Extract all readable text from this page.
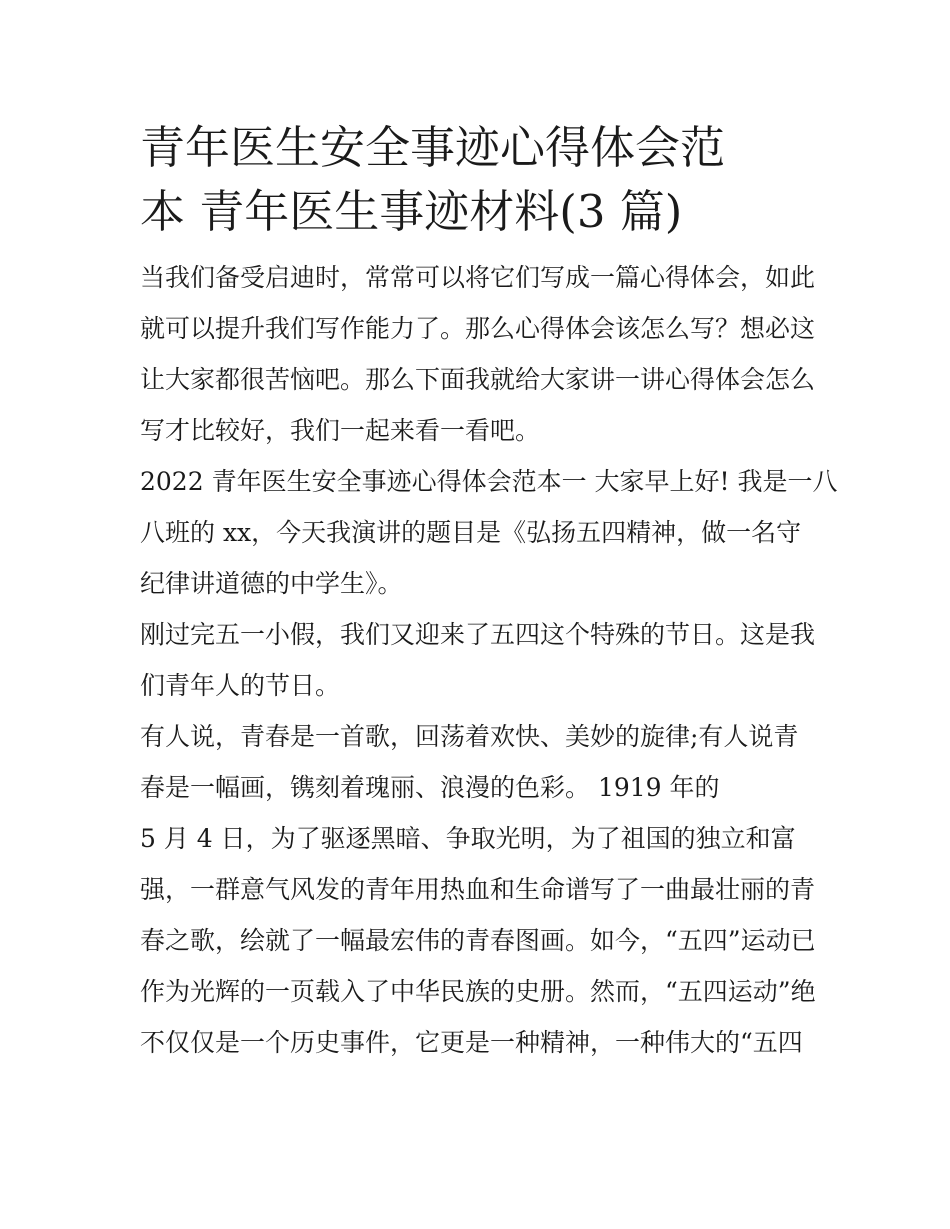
青年医生安全事迹心得体会范
本 青年医生事迹材料(3 篇)

当我们备受启迪时，常常可以将它们写成一篇心得体会，如此
就可以提升我们写作能力了。那么心得体会该怎么写？想必这
让大家都很苦恼吧。那么下面我就给大家讲一讲心得体会怎么
写才比较好，我们一起来看一看吧。

2022 青年医生安全事迹心得体会范本一 大家早上好! 我是一八
八班的 xx，今天我演讲的题目是《弘扬五四精神，做一名守
纪律讲道德的中学生》。

刚过完五一小假，我们又迎来了五四这个特殊的节日。这是我
们青年人的节日。

有人说，青春是一首歌，回荡着欢快、美妙的旋律;有人说青
春是一幅画，镌刻着瑰丽、浪漫的色彩。 1919 年的

5 月 4 日，为了驱逐黑暗、争取光明，为了祖国的独立和富
强，一群意气风发的青年用热血和生命谱写了一曲最壮丽的青
春之歌，绘就了一幅最宏伟的青春图画。如今，“五四”运动已
作为光辉的一页载入了中华民族的史册。然而，“五四运动”绝
不仅仅是一个历史事件，它更是一种精神，一种伟大的“五四
